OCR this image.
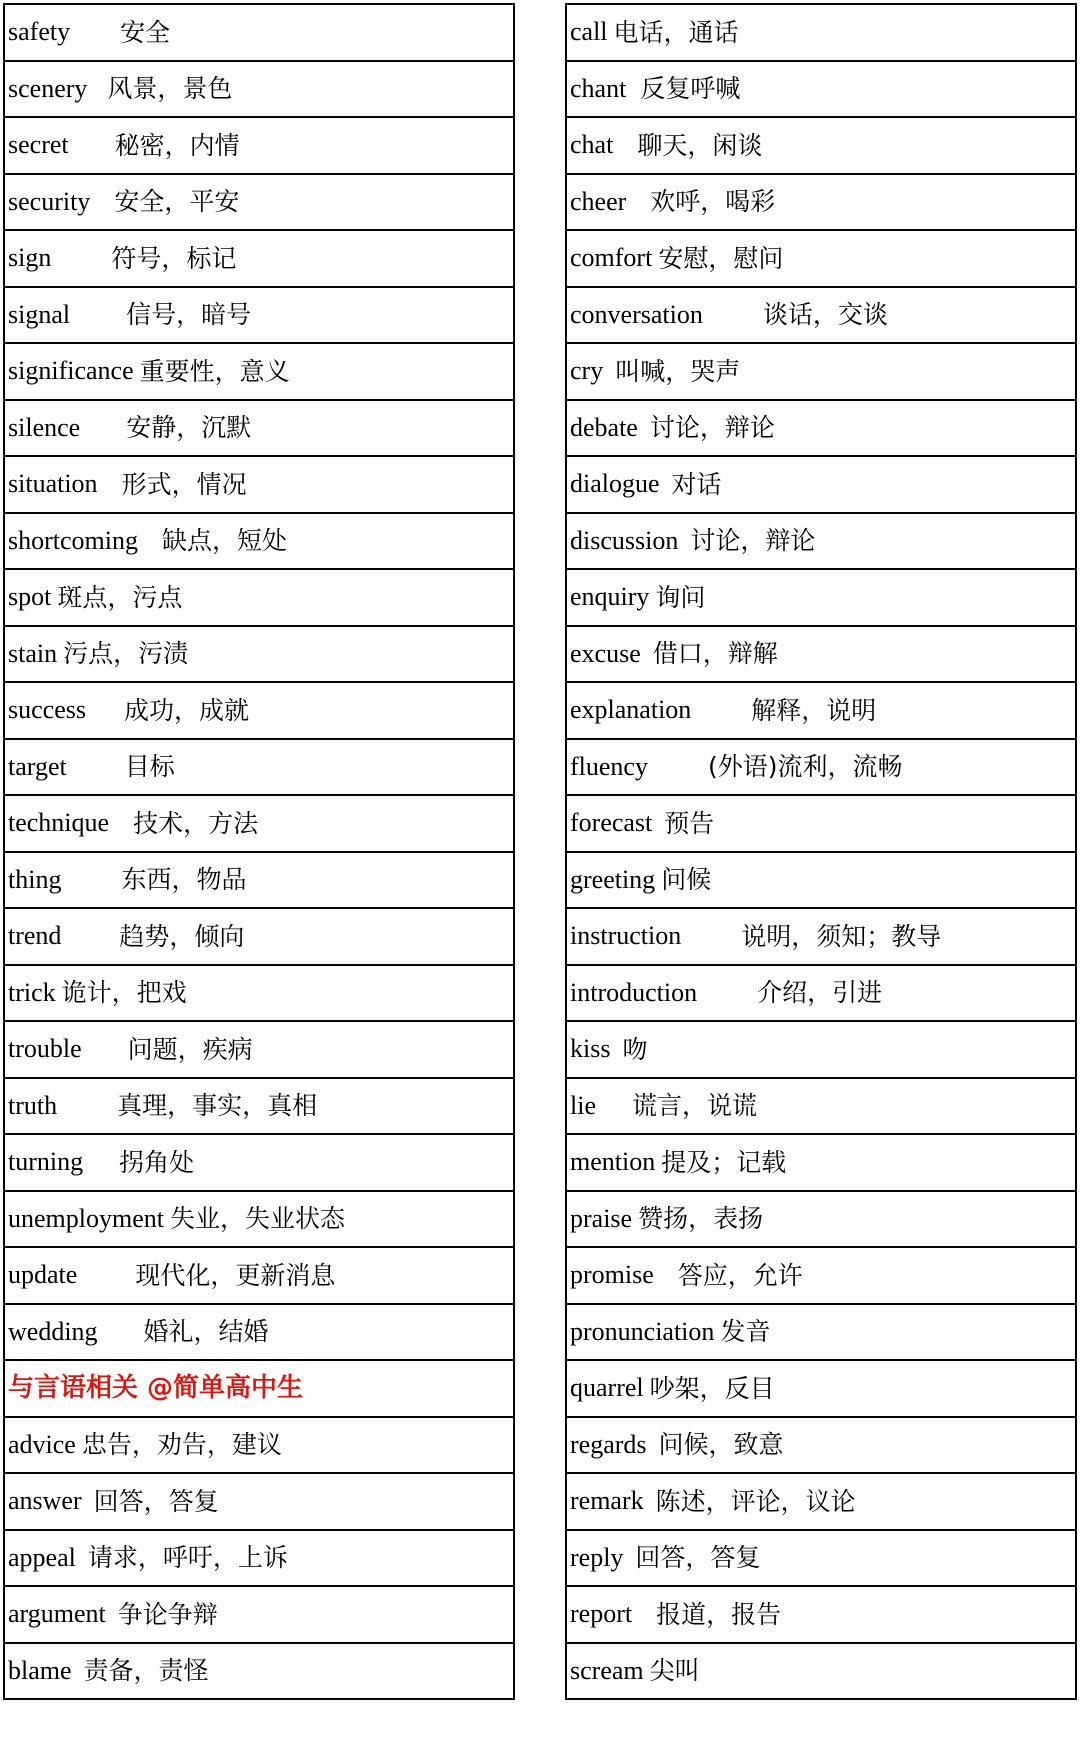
safety 安全
scenery 风景，景色
secret 秘密，内情
security 安全，平安
sign 符号，标记
signal 信号，暗号
significance 重要性，意义
silence 安静，沉默
situation 形式，情况
shortcoming 缺点，短处
spot 斑点，污点
stain 污点，污渍
success 成功，成就
target 目标
technique 技术，方法
thing 东西，物品
trend 趋势，倾向
trick 诡计，把戏
trouble 问题，疾病
truth 真理，事实，真相
turning 拐角处
unemployment 失业，失业状态
update 现代化，更新消息
wedding 婚礼，结婚
与言语相关 @简单高中生
advice 忠告，劝告，建议
answer 回答，答复
appeal 请求，呼吁，上诉
argument 争论争辩
blame 责备，责怪
call 电话，通话
chant 反复呼喊
chat 聊天，闲谈
cheer 欢呼，喝彩
comfort 安慰，慰问
conversation 谈话，交谈
cry 叫喊，哭声
debate 讨论，辩论
dialogue 对话
discussion 讨论，辩论
enquiry 询问
excuse 借口，辩解
explanation 解释，说明
fluency (外语)流利，流畅
forecast 预告
greeting 问候
instruction 说明，须知；教导
introduction 介绍，引进
kiss 吻
lie 谎言，说谎
mention 提及；记载
praise 赞扬，表扬
promise 答应，允许
pronunciation 发音
quarrel 吵架，反目
regards 问候，致意
remark 陈述，评论，议论
reply 回答，答复
report 报道，报告
scream 尖叫
